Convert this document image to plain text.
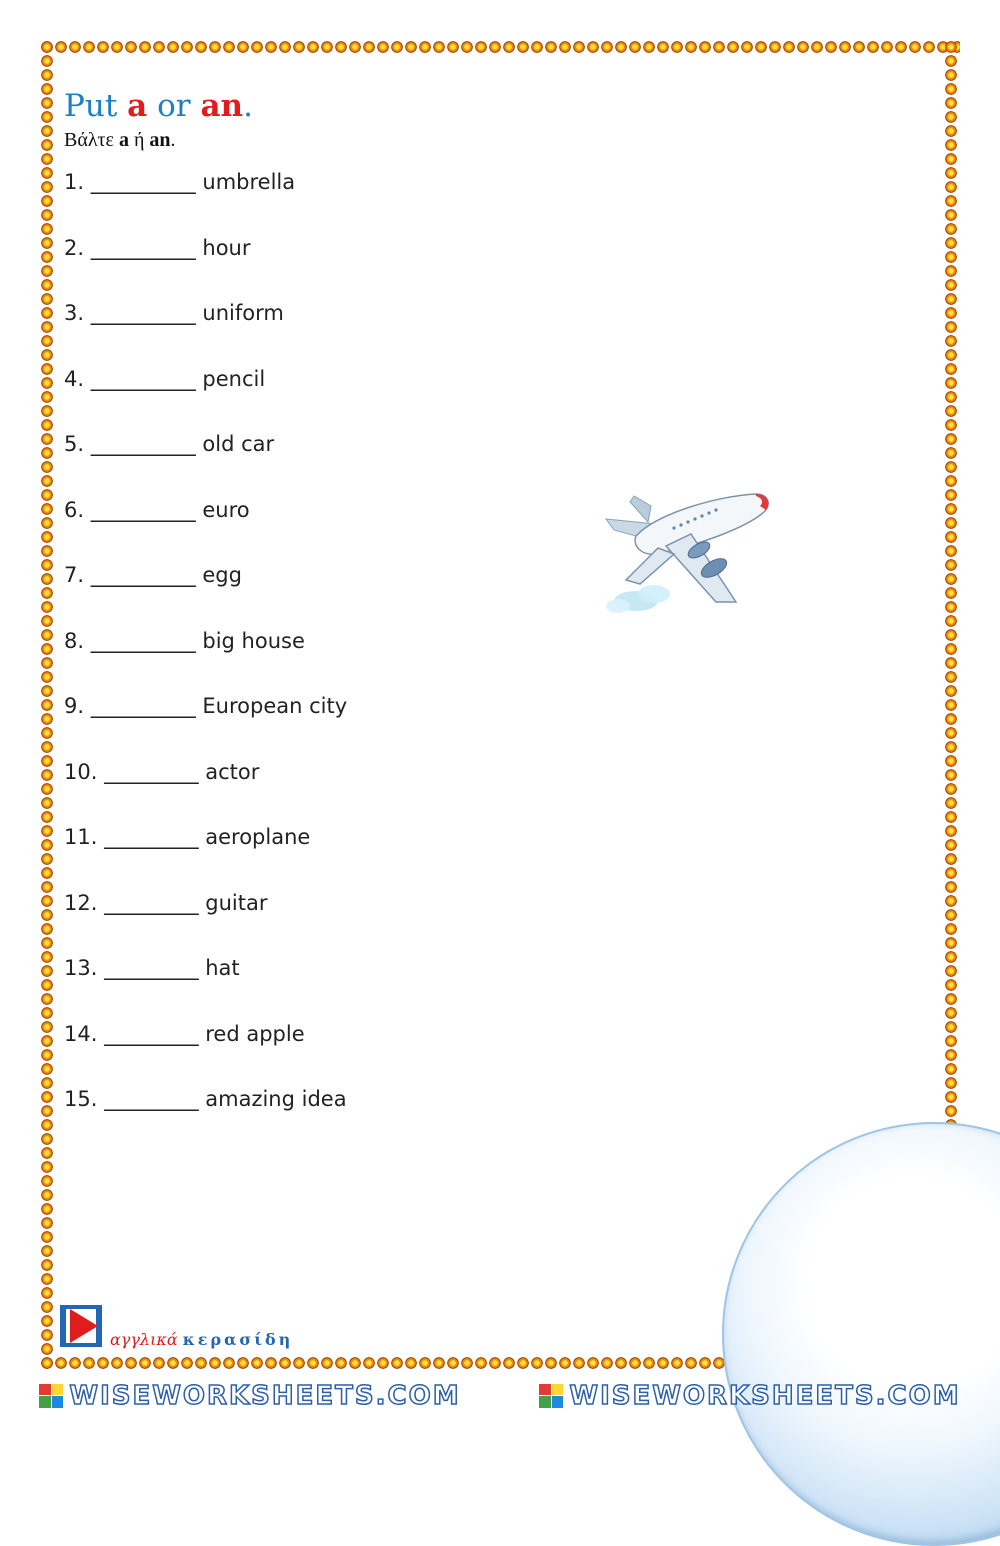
Put a or an.
Βάλτε a ή an.
1. __________ umbrella
2. __________ hour
3. __________ uniform
4. __________ pencil
5. __________ old car
6. __________ euro
7. __________ egg
8. __________ big house
9. __________ European city
10. _________ actor
11. _________ aeroplane
12. _________ guitar
13. _________ hat
14. _________ red apple
15. _________ amazing idea
αγγλικά κερασίδη
WISEWORKSHEETS.COM	WISEWORKSHEETS.COM
